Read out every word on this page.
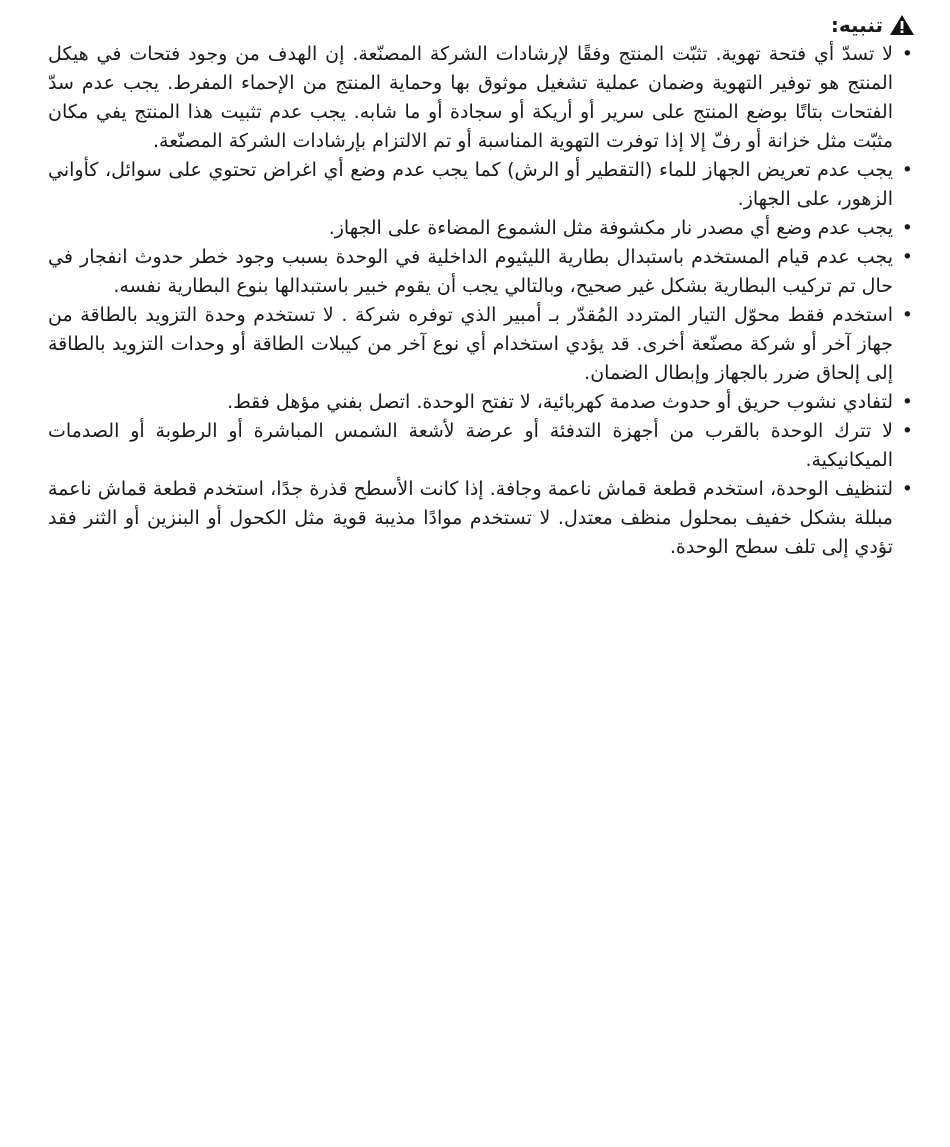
تنبيه:
•
لا تسدّ أي فتحة تهوية. تثبّت المنتج وفقًا لإرشادات الشركة المصنّعة. إن الهدف من وجود فتحات في هيكل المنتج هو توفير التهوية وضمان عملية تشغيل موثوق بها وحماية المنتج من الإحماء المفرط. يجب عدم سدّ الفتحات بتاتًا بوضع المنتج على سرير أو أريكة أو سجادة أو ما شابه. يجب عدم تثبيت هذا المنتج يفي مكان مثبّت مثل خزانة أو رفّ إلا إذا توفرت التهوية المناسبة أو تم الالتزام بإرشادات الشركة المصنّعة.
•
يجب عدم تعريض الجهاز للماء (التقطير أو الرش) كما يجب عدم وضع أي اغراض تحتوي على سوائل، كأواني الزهور، على الجهاز.
•
يجب عدم وضع أي مصدر نار مكشوفة مثل الشموع المضاءة على الجهاز.
•
يجب عدم قيام المستخدم باستبدال بطارية الليثيوم الداخلية في الوحدة بسبب وجود خطر حدوث انفجار في حال تم تركيب البطارية بشكل غير صحيح، وبالتالي يجب أن يقوم خبير باستبدالها بنوع البطارية نفسه.
•
استخدم فقط محوّل التيار المتردد المُقدّر بـ أمبير الذي توفره شركة . لا تستخدم وحدة التزويد بالطاقة من جهاز آخر أو شركة مصنّعة أخرى. قد يؤدي استخدام أي نوع آخر من كيبلات الطاقة أو وحدات التزويد بالطاقة إلى إلحاق ضرر بالجهاز وإبطال الضمان.
•
لتفادي نشوب حريق أو حدوث صدمة كهربائية، لا تفتح الوحدة. اتصل بفني مؤهل فقط.
•
لا تترك الوحدة بالقرب من أجهزة التدفئة أو عرضة لأشعة الشمس المباشرة أو الرطوبة أو الصدمات الميكانيكية.
•
لتنظيف الوحدة، استخدم قطعة قماش ناعمة وجافة. إذا كانت الأسطح قذرة جدًا، استخدم قطعة قماش ناعمة مبللة بشكل خفيف بمحلول منظف معتدل. لا تستخدم موادًا مذيبة قوية مثل الكحول أو البنزين أو الثنر فقد تؤدي إلى تلف سطح الوحدة.
